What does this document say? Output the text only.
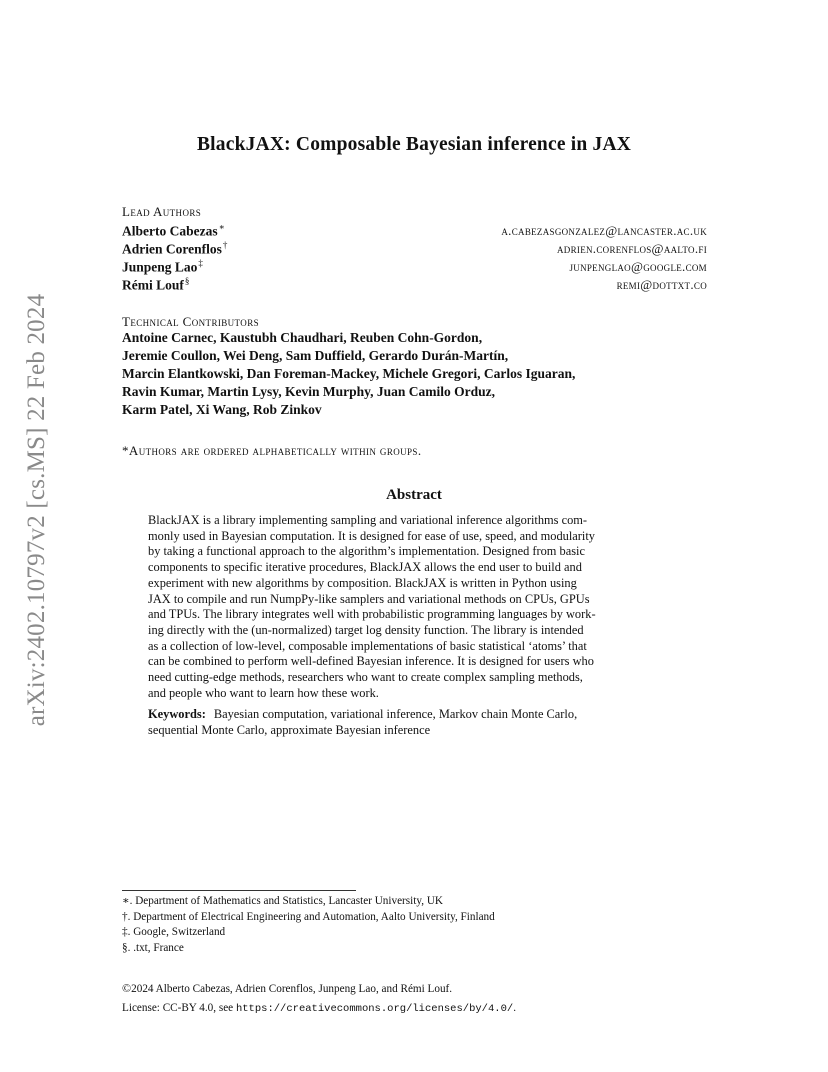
arXiv:2402.10797v2 [cs.MS] 22 Feb 2024
BlackJAX: Composable Bayesian inference in JAX
Lead Authors
Alberto Cabezas∗	a.cabezasgonzalez@lancaster.ac.uk
Adrien Corenflos†	adrien.corenflos@aalto.fi
Junpeng Lao‡	junpenglao@google.com
Rémi Louf§	remi@dottxt.co
Technical Contributors
Antoine Carnec, Kaustubh Chaudhari, Reuben Cohn-Gordon,
Jeremie Coullon, Wei Deng, Sam Duffield, Gerardo Durán-Martín,
Marcin Elantkowski, Dan Foreman-Mackey, Michele Gregori, Carlos Iguaran,
Ravin Kumar, Martin Lysy, Kevin Murphy, Juan Camilo Orduz,
Karm Patel, Xi Wang, Rob Zinkov
*Authors are ordered alphabetically within groups.
Abstract
BlackJAX is a library implementing sampling and variational inference algorithms com-
monly used in Bayesian computation. It is designed for ease of use, speed, and modularity
by taking a functional approach to the algorithm’s implementation. Designed from basic
components to specific iterative procedures, BlackJAX allows the end user to build and
experiment with new algorithms by composition. BlackJAX is written in Python using
JAX to compile and run NumpPy-like samplers and variational methods on CPUs, GPUs
and TPUs. The library integrates well with probabilistic programming languages by work-
ing directly with the (un-normalized) target log density function. The library is intended
as a collection of low-level, composable implementations of basic statistical ‘atoms’ that
can be combined to perform well-defined Bayesian inference. It is designed for users who
need cutting-edge methods, researchers who want to create complex sampling methods,
and people who want to learn how these work.
Keywords: Bayesian computation, variational inference, Markov chain Monte Carlo,
sequential Monte Carlo, approximate Bayesian inference
∗. Department of Mathematics and Statistics, Lancaster University, UK
†. Department of Electrical Engineering and Automation, Aalto University, Finland
‡. Google, Switzerland
§. .txt, France
©2024 Alberto Cabezas, Adrien Corenflos, Junpeng Lao, and Rémi Louf.
License: CC-BY 4.0, see https://creativecommons.org/licenses/by/4.0/.
